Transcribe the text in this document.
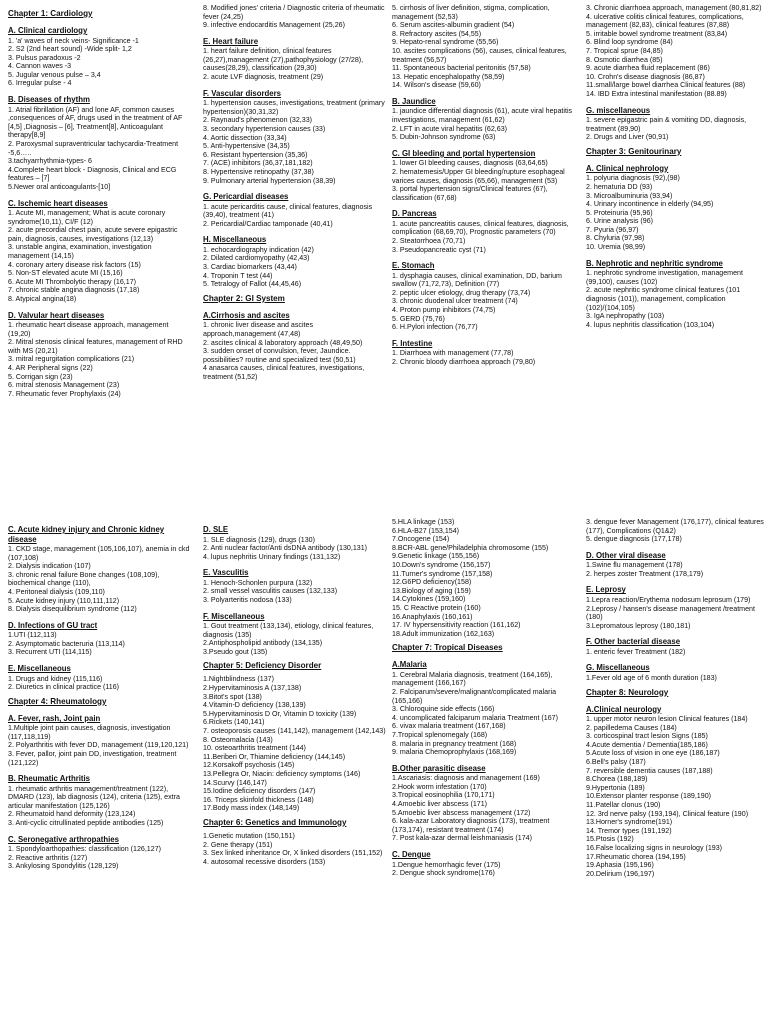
Chapter 1: Cardiology
A. Clinical cardiology
1. 'a' waves of neck veins- Significance -1
2. S2 (2nd heart sound) -Wide split- 1,2
3. Pulsus paradoxus -2
4. Cannon waves -3
5. Jugular venous pulse – 3,4
6. Irregular pulse - 4
B. Diseases of rhythm
1. Atrial fibrillation (AF) and lone AF, common causes ,consequences of AF, drugs used in the treatment of AF [4,5] ,Diagnosis – [6], Treatment[8], Anticoagulant therapy[8,9]
2. Paroxysmal supraventricular tachycardia-Treatment -5,6…..
3.tachyarrhythmia-types- 6
4.Complete heart block - Diagnosis, Clinical and ECG features – [7]
5.Newer oral anticoagulants-[10]
C. Ischemic heart diseases
1. Acute MI, management; What is acute coronary syndrome(10,11), CI/F (12)
2. acute precordial chest pain, acute severe epigastric pain, diagnosis, causes, investigations (12,13)
3. unstable angina, examination, investigation management (14,15)
4. coronary artery disease risk factors (15)
5. Non-ST elevated acute MI (15,16)
6. Acute MI Thrombolytic therapy (16,17)
7. chronic stable angina diagnosis (17,18)
8. Atypical angina(18)
D. Valvular heart diseases
1. rheumatic heart disease approach, management (19,20)
2. Mitral stenosis clinical features, management of RHD with MS (20,21)
3. mitral regurgitation complications (21)
4. AR Peripheral signs (22)
5. Corrigan sign (23)
6. mitral stenosis Management (23)
7. Rheumatic fever Prophylaxis (24)
8. Modified jones' criteria / Diagnostic criteria of rheumatic fever (24,25)
9. infective endocarditis Management (25,26)
E. Heart failure
1. heart failure definition, clinical features (26,27),management (27),pathophysiology (27/28), causes(28,29), classification (29,30)
2. acute LVF diagnosis, treatment (29)
F. Vascular disorders
1. hypertension causes, investigations, treatment (primary hypertension)(30,31,32)
2. Raynaud's phenomenon (32,33)
3. secondary hypertension causes (33)
4. Aortic dissection (33,34)
5. Anti-hypertensive (34,35)
6. Resistant hypertension (35,36)
7. (ACE) inhibitors (36,37,181,182)
8. Hypertensive retinopathy (37,38)
9. Pulmonary arterial hypertension (38,39)
G. Pericardial diseases
1. acute pericarditis cause, clinical features, diagnosis (39,40), treatment (41)
2. Pericardial/Cardiac tamponade (40,41)
H. Miscellaneous
1. echocardiography indication (42)
2. Dilated cardiomyopathy (42,43)
3. Cardiac biomarkers (43,44)
4. Troponin T test (44)
5. Tetralogy of Fallot (44,45,46)
Chapter 2: GI System
A.Cirrhosis and ascites
1. chronic liver disease and ascites approach,management (47,48)
2. ascites clinical & laboratory approach (48,49,50)
3. sudden onset of convulsion, fever, Jaundice. possibilities? routine and specialized test (50,51)
4 anasarca causes, clinical features, investigations, treatment (51,52)
5. cirrhosis of liver definition, stigma, complication, management (52,53)
6. Serum ascites-albumin gradient (54)
8. Refractory ascites (54,55)
9. Hepato-renal syndrome (55,56)
10. ascites complications (56), causes, clinical features, treatment (56,57)
11. Spontaneous bacterial peritonitis (57,58)
13. Hepatic encephalopathy (58,59)
14. Wilson's disease (59,60)
B. Jaundice
1. jaundice differential diagnosis (61), acute viral hepatitis investigations, management (61,62)
2. LFT in acute viral hepatitis (62,63)
5. Dubin-Johnson syndrome (63)
C. GI bleeding and portal hypertension
1. lower GI bleeding causes, diagnosis (63,64,65)
2. hematemesis/Upper GI bleeding/rupture esophageal varices causes, diagnosis (65,66), management (53)
3. portal hypertension signs/Clinical features (67), classification (67,68)
D. Pancreas
1. acute pancreatitis causes, clinical features, diagnosis, complication (68,69,70), Prognostic parameters (70)
2. Steatorrhoea (70,71)
3. Pseudopancreatic cyst (71)
E. Stomach
1. dysphagia causes, clinical examination, DD, barium swallow (71,72,73), Definition (77)
2. peptic ulcer etiology, drug therapy (73,74)
3. chronic duodenal ulcer treatment (74)
4. Proton pump inhibitors (74,75)
5. GERD (75,76)
6. H.Pylori infection (76,77)
F. Intestine
1. Diarrhoea with management (77,78)
2. Chronic bloody diarrhoea approach (79,80)
3. Chronic diarrhoea approach, management (80,81,82)
4. ulcerative colitis clinical features, complications, management (82,83), clinical features (87,88)
5. irritable bowel syndrome treatment (83,84)
6. Blind loop syndrome (84)
7. Tropical sprue (84,85)
8. Osmotic diarrhea (85)
9. acute diarrhea fluid replacement (86)
10. Crohn's disease diagnosis (86,87)
11.small/large bowel diarrhea Clinical features (88)
14. IBD Extra intestinal manifestation (88.89)
G. miscellaneous
1. severe epigastric pain & vomiting DD, diagnosis, treatment (89,90)
2. Drugs and Liver (90,91)
Chapter 3: Genitourinary
A. Clinical nephrology
1. polyuria diagnosis (92),(98)
2. hematuria DD (93)
3. Microalbuminuria (93,94)
4. Urinary incontinence in elderly (94,95)
5. Proteinuria (95,96)
6. Urine analysis (96)
7. Pyuria (96,97)
8. Chyluria (97,98)
10. Uremia (98,99)
B. Nephrotic and nephritic syndrome
1. nephrotic syndrome investigation, management (99,100), causes (102)
2. acute nephritic syndrome clinical features (101 diagnosis (101)), management, complication (102)/(104,105)
3. IgA nephropathy (103)
4. lupus nephritis classification (103,104)
C. Acute kidney injury and Chronic kidney disease
1. CKD stage, management (105,106,107), anemia in ckd (107,108)
2. Dialysis indication (107)
3. chronic renal failure Bone changes (108,109), biochemical change (110),
4. Peritoneal dialysis (109,110)
5. Acute kidney injury (110,111,112)
8. Dialysis disequilibrium syndrome (112)
D. Infections of GU tract
1.UTI (112,113)
2. Asymptomatic bacteruria (113,114)
3. Recurrent UTI (114,115)
E. Miscellaneous
1. Drugs and kidney (115,116)
2. Diuretics in clinical practice (116)
Chapter 4: Rheumatology
A. Fever, rash, Joint pain
1.Multiple joint pain causes, diagnosis, investigation (117,118,119)
2. Polyarthritis with fever DD, management (119,120,121)
3. Fever, pallor, joint pain DD, investigation, treatment (121,122)
B. Rheumatic Arthritis
1. rheumatic arthritis management/treatment (122), DMARD (123), lab diagnosis (124), criteria (125), extra articular manifestation (125,126)
2. Rheumatoid hand deformity (123,124)
3. Anti-cyclic citrullinated peptide antibodies (125)
C. Seronegative arthropathies
1. Spondyloarthopathies: classification (126,127)
2. Reactive arthritis (127)
3. Ankylosing Spondylitis (128,129)
D. SLE
1. SLE diagnosis (129), drugs (130)
2. Anti nuclear factor/Anti dsDNA antibody (130,131)
4. lupus nephritis Urinary findings (131,132)
E. Vasculitis
1. Henoch-Schonlen purpura (132)
2. small vessel vasculitis causes (132,133)
3. Polyarteritis nodosa (133)
F. Miscellaneous
1. Gout treatment (133,134), etiology, clinical features, diagnosis (135)
2.Antiphospholipid antibody (134,135)
3.Pseudo gout (135)
Chapter 5: Deficiency Disorder
1.Nightblindness (137)
2.Hypervitaminosis A (137,138)
3.Bitot's spot (138)
4.Vitamin-D deficiency (138,139)
5.Hypervitaminosis D Or, Vitamin D toxicity (139)
6.Rickets (140,141)
7. osteoporosis causes (141,142), management (142,143)
8. Osteomalacia (143)
10. osteoarthritis treatment (144)
11.Beriberi Or, Thiamine deficiency (144,145)
12.Korsakoff psychosis (145)
13.Pellegra Or, Niacin: deficiency symptoms (146)
14.Scurvy (146,147)
15.Iodine deficiency disorders (147)
16. Triceps skinfold thickness (148)
17.Body mass index (148,149)
Chapter 6: Genetics and Immunology
1.Genetic mutation (150,151)
2. Gene therapy (151)
3. Sex linked inheritance Or, X linked disorders (151,152)
4. autosomal recessive disorders (153)
5.HLA linkage (153)
6.HLA-B27 (153,154)
7.Oncogene (154)
8.BCR-ABL gene/Philadelphia chromosome (155)
9.Genetic linkage (155,156)
10.Down's syndrome (156,157)
11.Turner's syndrome (157,158)
12.G6PD deficiency(158)
13.Biology of aging (159)
14.Cytokines (159,160)
15. C Reactive protein (160)
16.Anaphylaxis (160,161)
17. IV hypersensitivity reaction (161,162)
18.Adult immunization (162,163)
Chapter 7: Tropical Diseases
A.Malaria
1. Cerebral Malaria diagnosis, treatment (164,165), management (166,167)
2. Falciparum/severe/malignant/complicated malaria (165,166)
3. Chloroquine side effects (166)
4. uncomplicated falciparum malaria Treatment (167)
6. vivax malaria treatment (167,168)
7.Tropical splenomegaly (168)
8. malaria in pregnancy treatment (168)
9. malaria Chemoprophylaxis (168,169)
B.Other parasitic disease
1.Ascariasis: diagnosis and management (169)
2.Hook worm infestation (170)
3.Tropical eosinophilia (170,171)
4.Amoebic liver abscess (171)
5.Amoebic liver abscess management (172)
6. kala-azar Laboratory diagnosis (173), treatment (173,174), resistant treatment (174)
7. Post kala-azar dermal leishmaniasis (174)
C. Dengue
1.Dengue hemorrhagic fever (175)
2. Dengue shock syndrome(176)
3. dengue fever Management (176,177), clinical features (177), Complications (Q1&2)
5. dengue diagnosis (177,178)
D. Other viral disease
1.Swine flu management (178)
2. herpes zoster Treatment (178,179)
E. Leprosy
1.Lepra reaction/Erythema nodosum leprosum (179)
2.Leprosy / hansen's disease management /treatment (180)
3.Lepromatous leprosy (180,181)
F. Other bacterial disease
1. enteric fever Treatment (182)
G. Miscellaneous
1.Fever old age of 6 month duration (183)
Chapter 8: Neurology
A.Clinical neurology
1. upper motor neuron lesion Clinical features (184)
2. papilledema Causes (184)
3. corticospinal tract lesion Signs (185)
4.Acute dementia / Dementia(185,186)
5.Acute loss of vision in one eye (186,187)
6.Bell's palsy (187)
7. reversible dementia causes (187,188)
8.Chorea (188,189)
9.Hypertonia (189)
10.Extensor planter response (189,190)
11.Patellar clonus (190)
12. 3rd nerve palsy (193,194), Clinical feature (190)
13.Horner's syndrome(191)
14. Tremor types (191,192)
15.Ptosis (192)
16.False localizing signs in neurology (193)
17.Rheumatic chorea (194,195)
19.Aphasia (195,196)
20.Delirium (196,197)
